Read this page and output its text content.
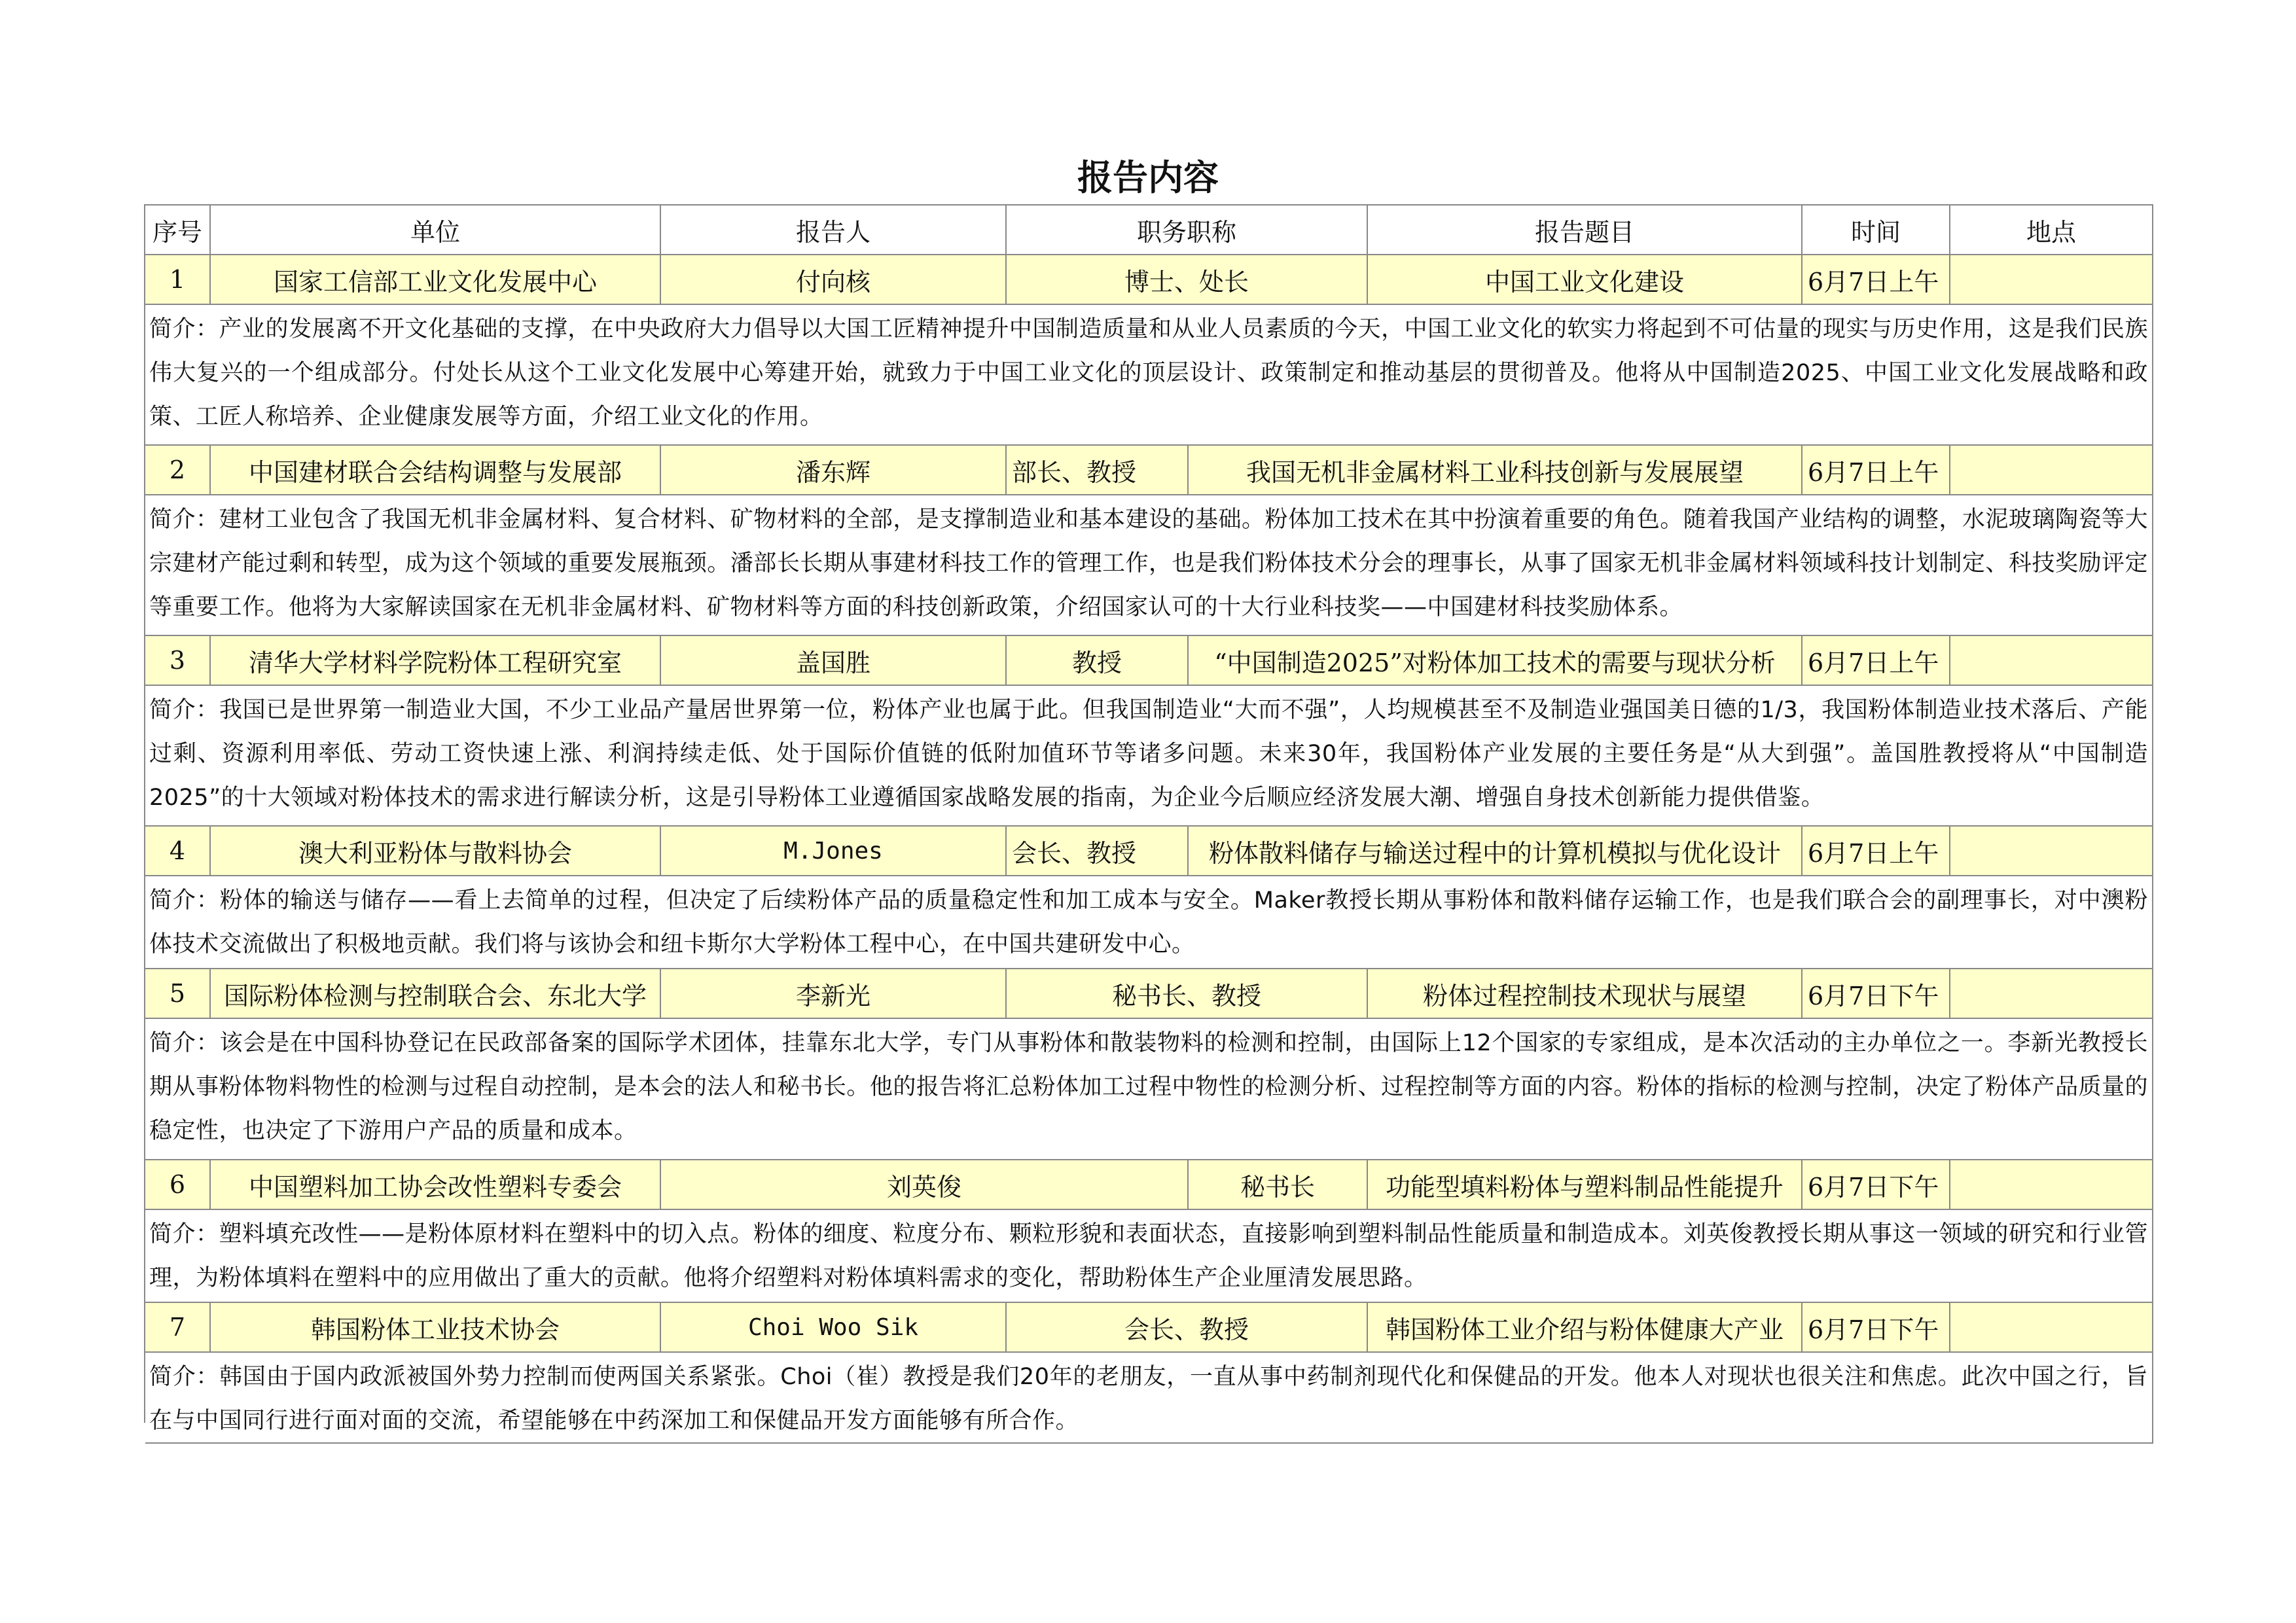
报告内容
序号	单位	报告人	职务职称	报告题目	时间	地点
1	国家工信部工业文化发展中心	付向核	博士、处长	中国工业文化建设	6月7日上午
简介：产业的发展离不开文化基础的支撑，在中央政府大力倡导以大国工匠精神提升中国制造质量和从业人员素质的今天，中国工业文化的软实力将起到不可估量的现实与历史作用，这是我们民族伟大复兴的一个组成部分。付处长从这个工业文化发展中心筹建开始，就致力于中国工业文化的顶层设计、政策制定和推动基层的贯彻普及。他将从中国制造2025、中国工业文化发展战略和政策、工匠人称培养、企业健康发展等方面，介绍工业文化的作用。
2	中国建材联合会结构调整与发展部	潘东辉	部长、教授	我国无机非金属材料工业科技创新与发展展望	6月7日上午
简介：建材工业包含了我国无机非金属材料、复合材料、矿物材料的全部，是支撑制造业和基本建设的基础。粉体加工技术在其中扮演着重要的角色。随着我国产业结构的调整，水泥玻璃陶瓷等大宗建材产能过剩和转型，成为这个领域的重要发展瓶颈。潘部长长期从事建材科技工作的管理工作，也是我们粉体技术分会的理事长，从事了国家无机非金属材料领域科技计划制定、科技奖励评定等重要工作。他将为大家解读国家在无机非金属材料、矿物材料等方面的科技创新政策，介绍国家认可的十大行业科技奖——中国建材科技奖励体系。
3	清华大学材料学院粉体工程研究室	盖国胜	教授	“中国制造2025”对粉体加工技术的需要与现状分析	6月7日上午
简介：我国已是世界第一制造业大国，不少工业品产量居世界第一位，粉体产业也属于此。但我国制造业“大而不强”，人均规模甚至不及制造业强国美日德的1/3，我国粉体制造业技术落后、产能过剩、资源利用率低、劳动工资快速上涨、利润持续走低、处于国际价值链的低附加值环节等诸多问题。未来30年，我国粉体产业发展的主要任务是“从大到强”。盖国胜教授将从“中国制造2025”的十大领域对粉体技术的需求进行解读分析，这是引导粉体工业遵循国家战略发展的指南，为企业今后顺应经济发展大潮、增强自身技术创新能力提供借鉴。
4	澳大利亚粉体与散料协会	M.Jones	会长、教授	粉体散料储存与输送过程中的计算机模拟与优化设计	6月7日上午
简介：粉体的输送与储存——看上去简单的过程，但决定了后续粉体产品的质量稳定性和加工成本与安全。Maker教授长期从事粉体和散料储存运输工作，也是我们联合会的副理事长，对中澳粉体技术交流做出了积极地贡献。我们将与该协会和纽卡斯尔大学粉体工程中心，在中国共建研发中心。
5	国际粉体检测与控制联合会、东北大学	李新光	秘书长、教授	粉体过程控制技术现状与展望	6月7日下午
简介：该会是在中国科协登记在民政部备案的国际学术团体，挂靠东北大学，专门从事粉体和散装物料的检测和控制，由国际上12个国家的专家组成，是本次活动的主办单位之一。李新光教授长期从事粉体物料物性的检测与过程自动控制，是本会的法人和秘书长。他的报告将汇总粉体加工过程中物性的检测分析、过程控制等方面的内容。粉体的指标的检测与控制，决定了粉体产品质量的稳定性，也决定了下游用户产品的质量和成本。
6	中国塑料加工协会改性塑料专委会	刘英俊	秘书长	功能型填料粉体与塑料制品性能提升 6月7日下午
简介：塑料填充改性——是粉体原材料在塑料中的切入点。粉体的细度、粒度分布、颗粒形貌和表面状态，直接影响到塑料制品性能质量和制造成本。刘英俊教授长期从事这一领域的研究和行业管理，为粉体填料在塑料中的应用做出了重大的贡献。他将介绍塑料对粉体填料需求的变化，帮助粉体生产企业厘清发展思路。
7	韩国粉体工业技术协会	Choi Woo Sik	会长、教授	韩国粉体工业介绍与粉体健康大产业 6月7日下午
简介：韩国由于国内政派被国外势力控制而使两国关系紧张。Choi（崔）教授是我们20年的老朋友，一直从事中药制剂现代化和保健品的开发。他本人对现状也很关注和焦虑。此次中国之行，旨在与中国同行进行面对面的交流，希望能够在中药深加工和保健品开发方面能够有所合作。
